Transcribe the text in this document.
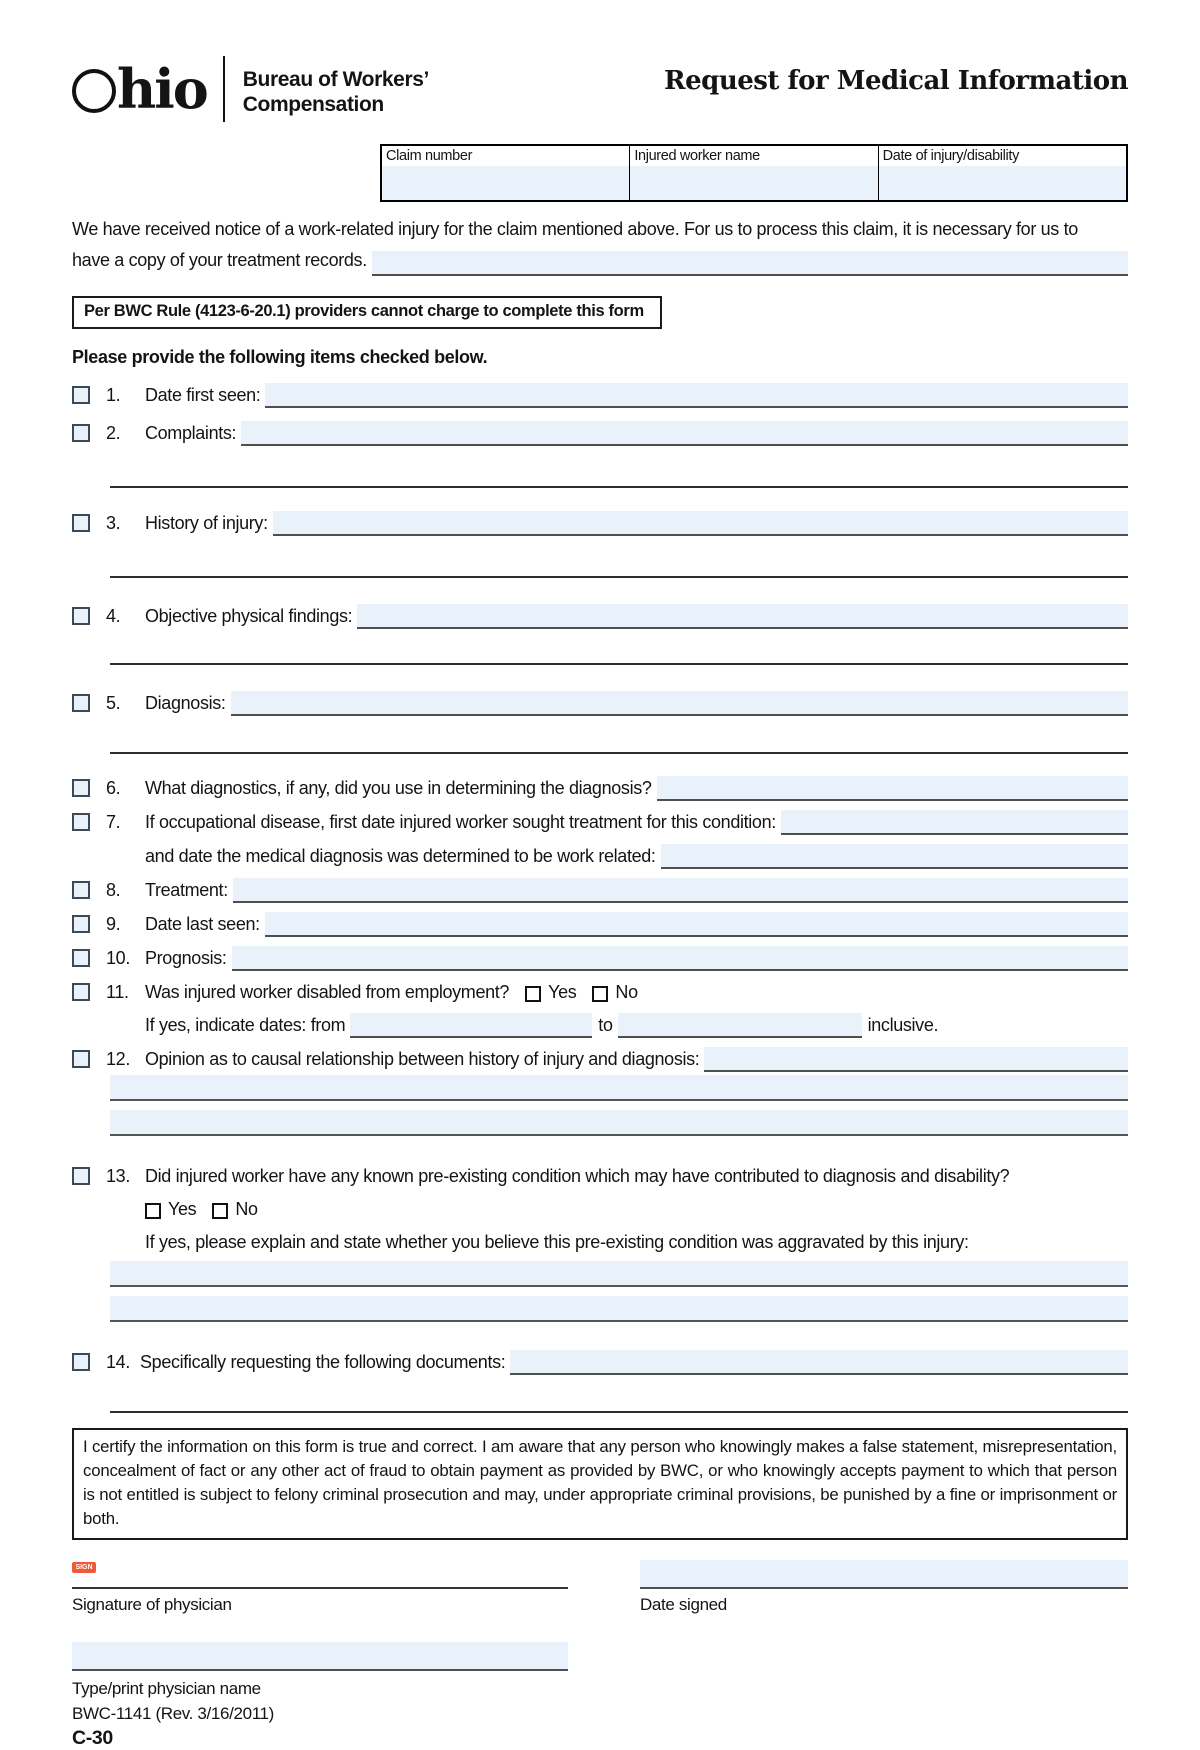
hio Bureau of Workers’
Compensation
Request for Medical Information
Claim number	Injured worker name	Date of injury/disability
We have received notice of a work-related injury for the claim mentioned above. For us to process this claim, it is necessary for us to
have a copy of your treatment records.
Per BWC Rule (4123-6-20.1) providers cannot charge to complete this form
Please provide the following items checked below.
1.	Date first seen:
2.	Complaints:
3.	History of injury:
4.	Objective physical findings:
5.	Diagnosis:
6.	What diagnostics, if any, did you use in determining the diagnosis?
7.	If occupational disease, first date injured worker sought treatment for this condition:
and date the medical diagnosis was determined to be work related:
8.	Treatment:
9.	Date last seen:
10. Prognosis:
11. Was injured worker disabled from employment? Yes No
If yes, indicate dates: from	to	inclusive.
12. Opinion as to causal relationship between history of injury and diagnosis:
13. Did injured worker have any known pre-existing condition which may have contributed to diagnosis and disability?
Yes No
If yes, please explain and state whether you believe this pre-existing condition was aggravated by this injury:
14. Specifically requesting the following documents:
I certify the information on this form is true and correct. I am aware that any person who knowingly makes a false statement, misrepresentation, concealment of fact or any other act of fraud to obtain payment as provided by BWC, or who knowingly accepts payment to which that person is not entitled is subject to felony criminal prosecution and may, under appropriate criminal provisions, be punished by a fine or imprisonment or both.
SIGN
Signature of physician
Type/print physician name
BWC-1141 (Rev. 3/16/2011)
C-30
Date signed
